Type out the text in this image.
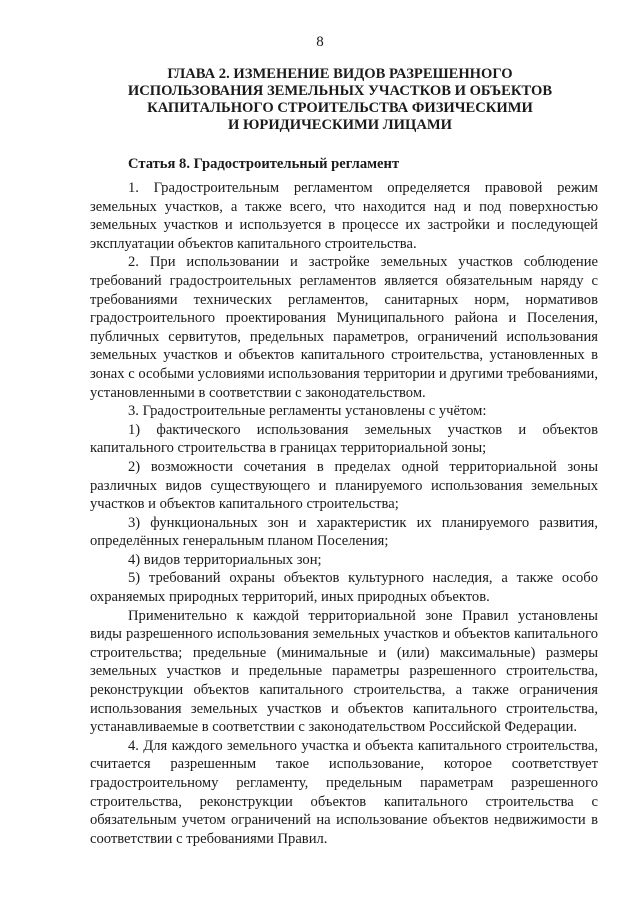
8
ГЛАВА 2. ИЗМЕНЕНИЕ ВИДОВ РАЗРЕШЕННОГО
ИСПОЛЬЗОВАНИЯ ЗЕМЕЛЬНЫХ УЧАСТКОВ И ОБЪЕКТОВ
КАПИТАЛЬНОГО СТРОИТЕЛЬСТВА ФИЗИЧЕСКИМИ
И ЮРИДИЧЕСКИМИ ЛИЦАМИ
Статья 8. Градостроительный регламент

1. Градостроительным регламентом определяется правовой режим земельных участков, а также всего, что находится над и под поверхностью земельных участков и используется в процессе их застройки и последующей эксплуатации объектов капитального строительства.

2. При использовании и застройке земельных участков соблюдение требований градостроительных регламентов является обязательным наряду с требованиями технических регламентов, санитарных норм, нормативов градостроительного проектирования Муниципального района и Поселения, публичных сервитутов, предельных параметров, ограничений использования земельных участков и объектов капитального строительства, установленных в зонах с особыми условиями использования территории и другими требованиями, установленными в соответствии с законодательством.

3. Градостроительные регламенты установлены с учётом:

1) фактического использования земельных участков и объектов капитального строительства в границах территориальной зоны;

2) возможности сочетания в пределах одной территориальной зоны различных видов существующего и планируемого использования земельных участков и объектов капитального строительства;

3) функциональных зон и характеристик их планируемого развития, определённых генеральным планом Поселения;

4) видов территориальных зон;

5) требований охраны объектов культурного наследия, а также особо охраняемых природных территорий, иных природных объектов.

Применительно к каждой территориальной зоне Правил установлены виды разрешенного использования земельных участков и объектов капитального строительства; предельные (минимальные и (или) максимальные) размеры земельных участков и предельные параметры разрешенного строительства, реконструкции объектов капитального строительства, а также ограничения использования земельных участков и объектов капитального строительства, устанавливаемые в соответствии с законодательством Российской Федерации.

4. Для каждого земельного участка и объекта капитального строительства, считается разрешенным такое использование, которое соответствует градостроительному регламенту, предельным параметрам разрешенного строительства, реконструкции объектов капитального строительства с обязательным учетом ограничений на использование объектов недвижимости в соответствии с требованиями Правил.
